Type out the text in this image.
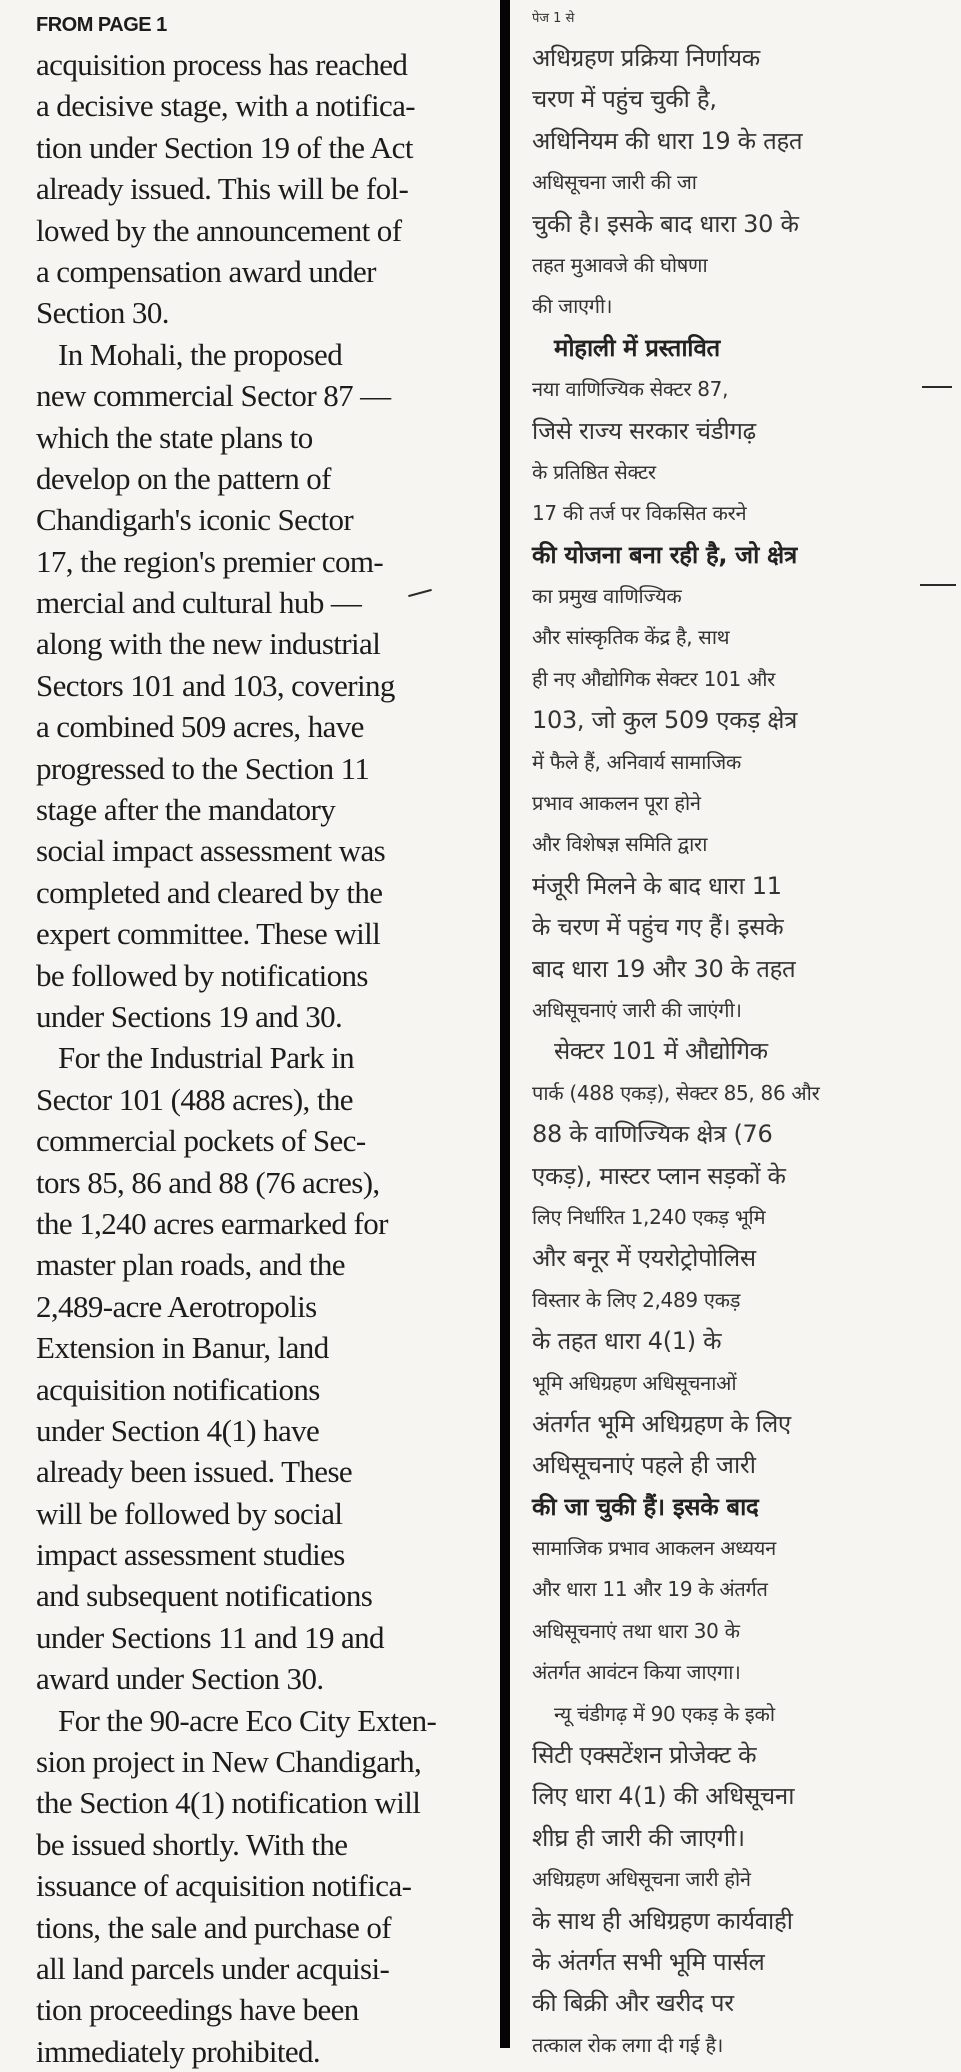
FROM PAGE 1
acquisition process has reached
a decisive stage, with a notifica-
tion under Section 19 of the Act
already issued. This will be fol-
lowed by the announcement of
a compensation award under
Section 30.
In Mohali, the proposed
new commercial Sector 87 —
which the state plans to
develop on the pattern of
Chandigarh's iconic Sector
17, the region's premier com-
mercial and cultural hub —
along with the new industrial
Sectors 101 and 103, covering
a combined 509 acres, have
progressed to the Section 11
stage after the mandatory
social impact assessment was
completed and cleared by the
expert committee. These will
be followed by notifications
under Sections 19 and 30.
For the Industrial Park in
Sector 101 (488 acres), the
commercial pockets of Sec-
tors 85, 86 and 88 (76 acres),
the 1,240 acres earmarked for
master plan roads, and the
2,489-acre Aerotropolis
Extension in Banur, land
acquisition notifications
under Section 4(1) have
already been issued. These
will be followed by social
impact assessment studies
and subsequent notifications
under Sections 11 and 19 and
award under Section 30.
For the 90-acre Eco City Exten-
sion project in New Chandigarh,
the Section 4(1) notification will
be issued shortly. With the
issuance of acquisition notifica-
tions, the sale and purchase of
all land parcels under acquisi-
tion proceedings have been
immediately prohibited.
पेज 1 से
अधिग्रहण प्रक्रिया निर्णायक
चरण में पहुंच चुकी है,
अधिनियम की धारा 19 के तहत
अधिसूचना जारी की जा
चुकी है। इसके बाद धारा 30 के
तहत मुआवजे की घोषणा
की जाएगी।
मोहाली में प्रस्तावित
नया वाणिज्यिक सेक्टर 87,
जिसे राज्य सरकार चंडीगढ़
के प्रतिष्ठित सेक्टर
17 की तर्ज पर विकसित करने
की योजना बना रही है, जो क्षेत्र
का प्रमुख वाणिज्यिक
और सांस्कृतिक केंद्र है, साथ
ही नए औद्योगिक सेक्टर 101 और
103, जो कुल 509 एकड़ क्षेत्र
में फैले हैं, अनिवार्य सामाजिक
प्रभाव आकलन पूरा होने
और विशेषज्ञ समिति द्वारा
मंजूरी मिलने के बाद धारा 11
के चरण में पहुंच गए हैं। इसके
बाद धारा 19 और 30 के तहत
अधिसूचनाएं जारी की जाएंगी।
सेक्टर 101 में औद्योगिक
पार्क (488 एकड़), सेक्टर 85, 86 और
88 के वाणिज्यिक क्षेत्र (76
एकड़), मास्टर प्लान सड़कों के
लिए निर्धारित 1,240 एकड़ भूमि
और बनूर में एयरोट्रोपोलिस
विस्तार के लिए 2,489 एकड़
के तहत धारा 4(1) के
भूमि अधिग्रहण अधिसूचनाओं
अंतर्गत भूमि अधिग्रहण के लिए
अधिसूचनाएं पहले ही जारी
की जा चुकी हैं। इसके बाद
सामाजिक प्रभाव आकलन अध्ययन
और धारा 11 और 19 के अंतर्गत
अधिसूचनाएं तथा धारा 30 के
अंतर्गत आवंटन किया जाएगा।
न्यू चंडीगढ़ में 90 एकड़ के इको
सिटी एक्सटेंशन प्रोजेक्ट के
लिए धारा 4(1) की अधिसूचना
शीघ्र ही जारी की जाएगी।
अधिग्रहण अधिसूचना जारी होने
के साथ ही अधिग्रहण कार्यवाही
के अंतर्गत सभी भूमि पार्सल
की बिक्री और खरीद पर
तत्काल रोक लगा दी गई है।
